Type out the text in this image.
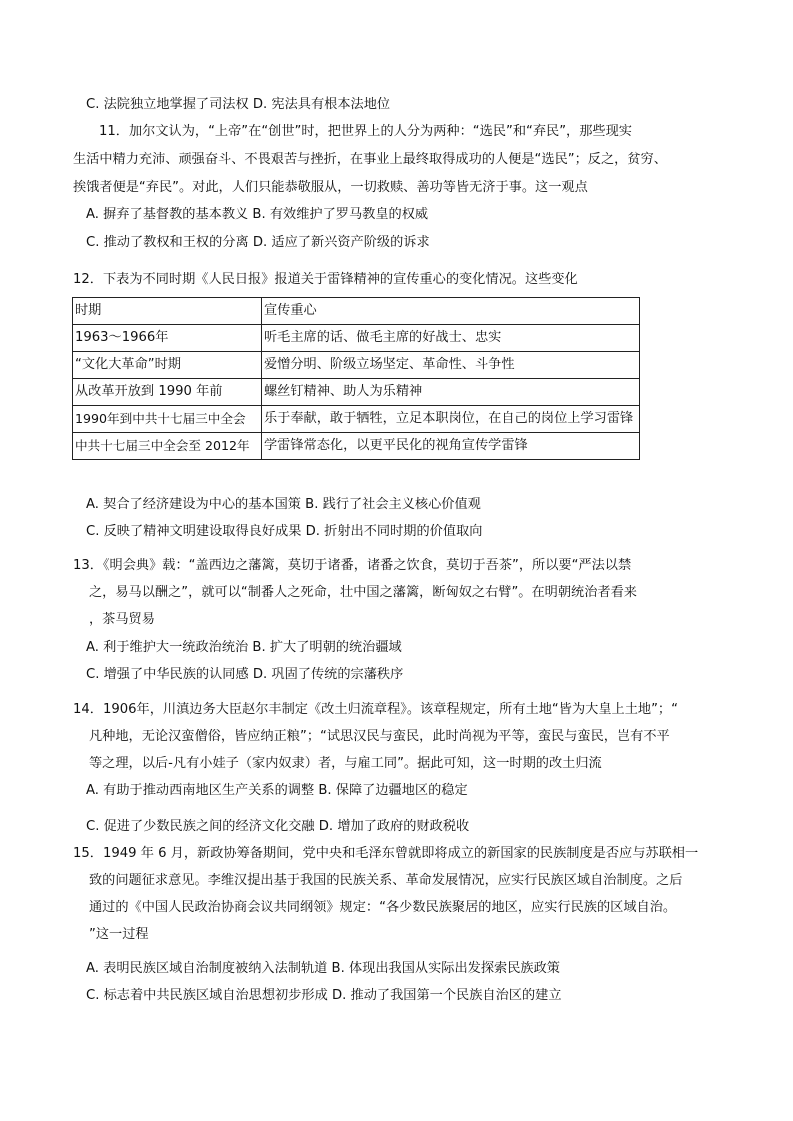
C. 法院独立地掌握了司法权 D. 宪法具有根本法地位
11．加尔文认为，“上帝”在“创世”时，把世界上的人分为两种：“选民”和“弃民”，那些现实
生活中精力充沛、顽强奋斗、不畏艰苦与挫折，在事业上最终取得成功的人便是“选民”；反之，贫穷、
挨饿者便是“弃民”。对此，人们只能恭敬服从，一切救赎、善功等皆无济于事。这一观点
A. 摒弃了基督教的基本教义 B. 有效维护了罗马教皇的权威
C. 推动了教权和王权的分离 D. 适应了新兴资产阶级的诉求
12．下表为不同时期《人民日报》报道关于雷锋精神的宣传重心的变化情况。这些变化
时期	宣传重心
1963～1966年	听毛主席的话、做毛主席的好战士、忠实
“文化大革命”时期	爱憎分明、阶级立场坚定、革命性、斗争性
从改革开放到 1990 年前	螺丝钉精神、助人为乐精神
1990年到中共十七届三中全会	乐于奉献，敢于牺牲，立足本职岗位，在自己的岗位上学习雷锋
中共十七届三中全会至 2012年	学雷锋常态化，以更平民化的视角宣传学雷锋
A. 契合了经济建设为中心的基本国策 B. 践行了社会主义核心价值观
C. 反映了精神文明建设取得良好成果 D. 折射出不同时期的价值取向
13．《明会典》载：“盖西边之藩篱，莫切于诸番，诸番之饮食，莫切于吾茶”，所以要“严法以禁
之，易马以酬之”，就可以“制番人之死命，壮中国之藩篱，断匈奴之右臂”。在明朝统治者看来
，茶马贸易
A. 利于维护大一统政治统治 B. 扩大了明朝的统治疆域
C. 增强了中华民族的认同感 D. 巩固了传统的宗藩秩序
14．1906年，川滇边务大臣赵尔丰制定《改土归流章程》。该章程规定，所有土地“皆为大皇上土地”；“
凡种地，无论汉蛮僧俗，皆应纳正粮”；“试思汉民与蛮民，此时尚视为平等，蛮民与蛮民，岂有不平
等之理，以后-凡有小娃子（家内奴隶）者，与雇工同”。据此可知，这一时期的改土归流
A. 有助于推动西南地区生产关系的调整 B. 保障了边疆地区的稳定
C. 促进了少数民族之间的经济文化交融 D. 增加了政府的财政税收
15．1949 年 6 月，新政协筹备期间，党中央和毛泽东曾就即将成立的新国家的民族制度是否应与苏联相一
致的问题征求意见。李维汉提出基于我国的民族关系、革命发展情况，应实行民族区域自治制度。之后
通过的《中国人民政治协商会议共同纲领》规定：“各少数民族聚居的地区，应实行民族的区域自治。
”这一过程
A. 表明民族区域自治制度被纳入法制轨道 B. 体现出我国从实际出发探索民族政策
C. 标志着中共民族区域自治思想初步形成 D. 推动了我国第一个民族自治区的建立
